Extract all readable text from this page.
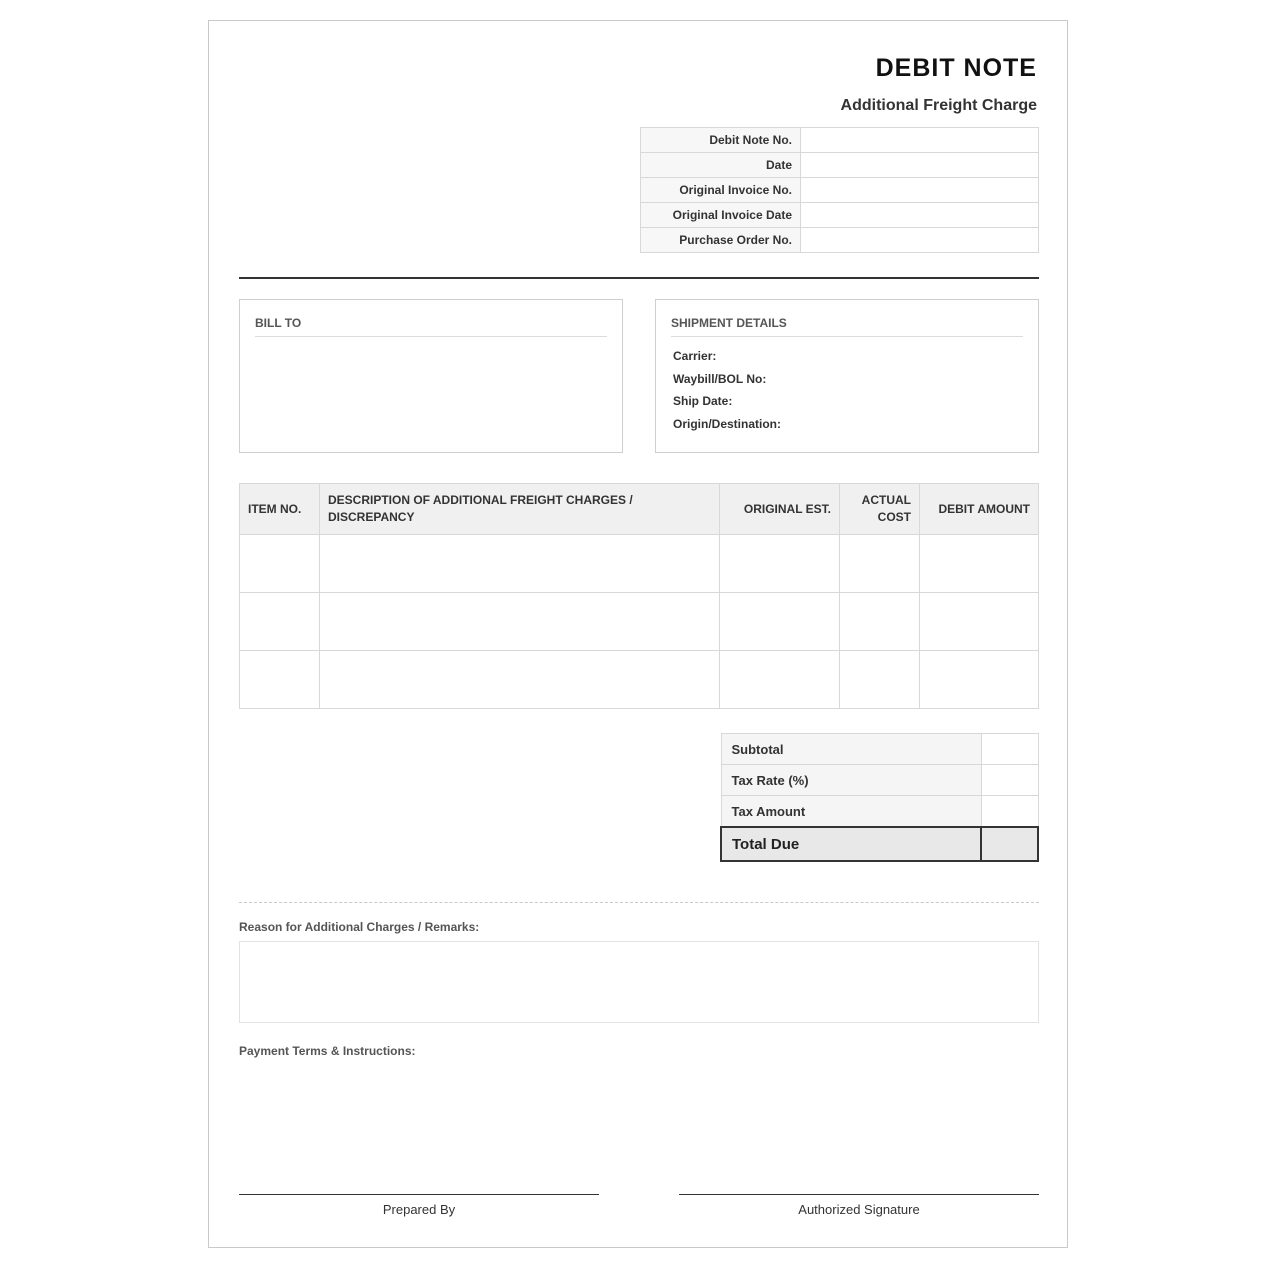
DEBIT NOTE
Additional Freight Charge
Debit Note No.	
Date	
Original Invoice No.	
Original Invoice Date	
Purchase Order No.	
BILL TO	SHIPMENT DETAILS
Carrier:
Waybill/BOL No:
Ship Date:
Origin/Destination:
ITEM NO.	DESCRIPTION OF ADDITIONAL FREIGHT CHARGES / DISCREPANCY	ORIGINAL EST.	ACTUAL COST	DEBIT AMOUNT

Subtotal	
Tax Rate (%)	
Tax Amount	
Total Due	
Reason for Additional Charges / Remarks:
Payment Terms & Instructions:
Prepared By	Authorized Signature
